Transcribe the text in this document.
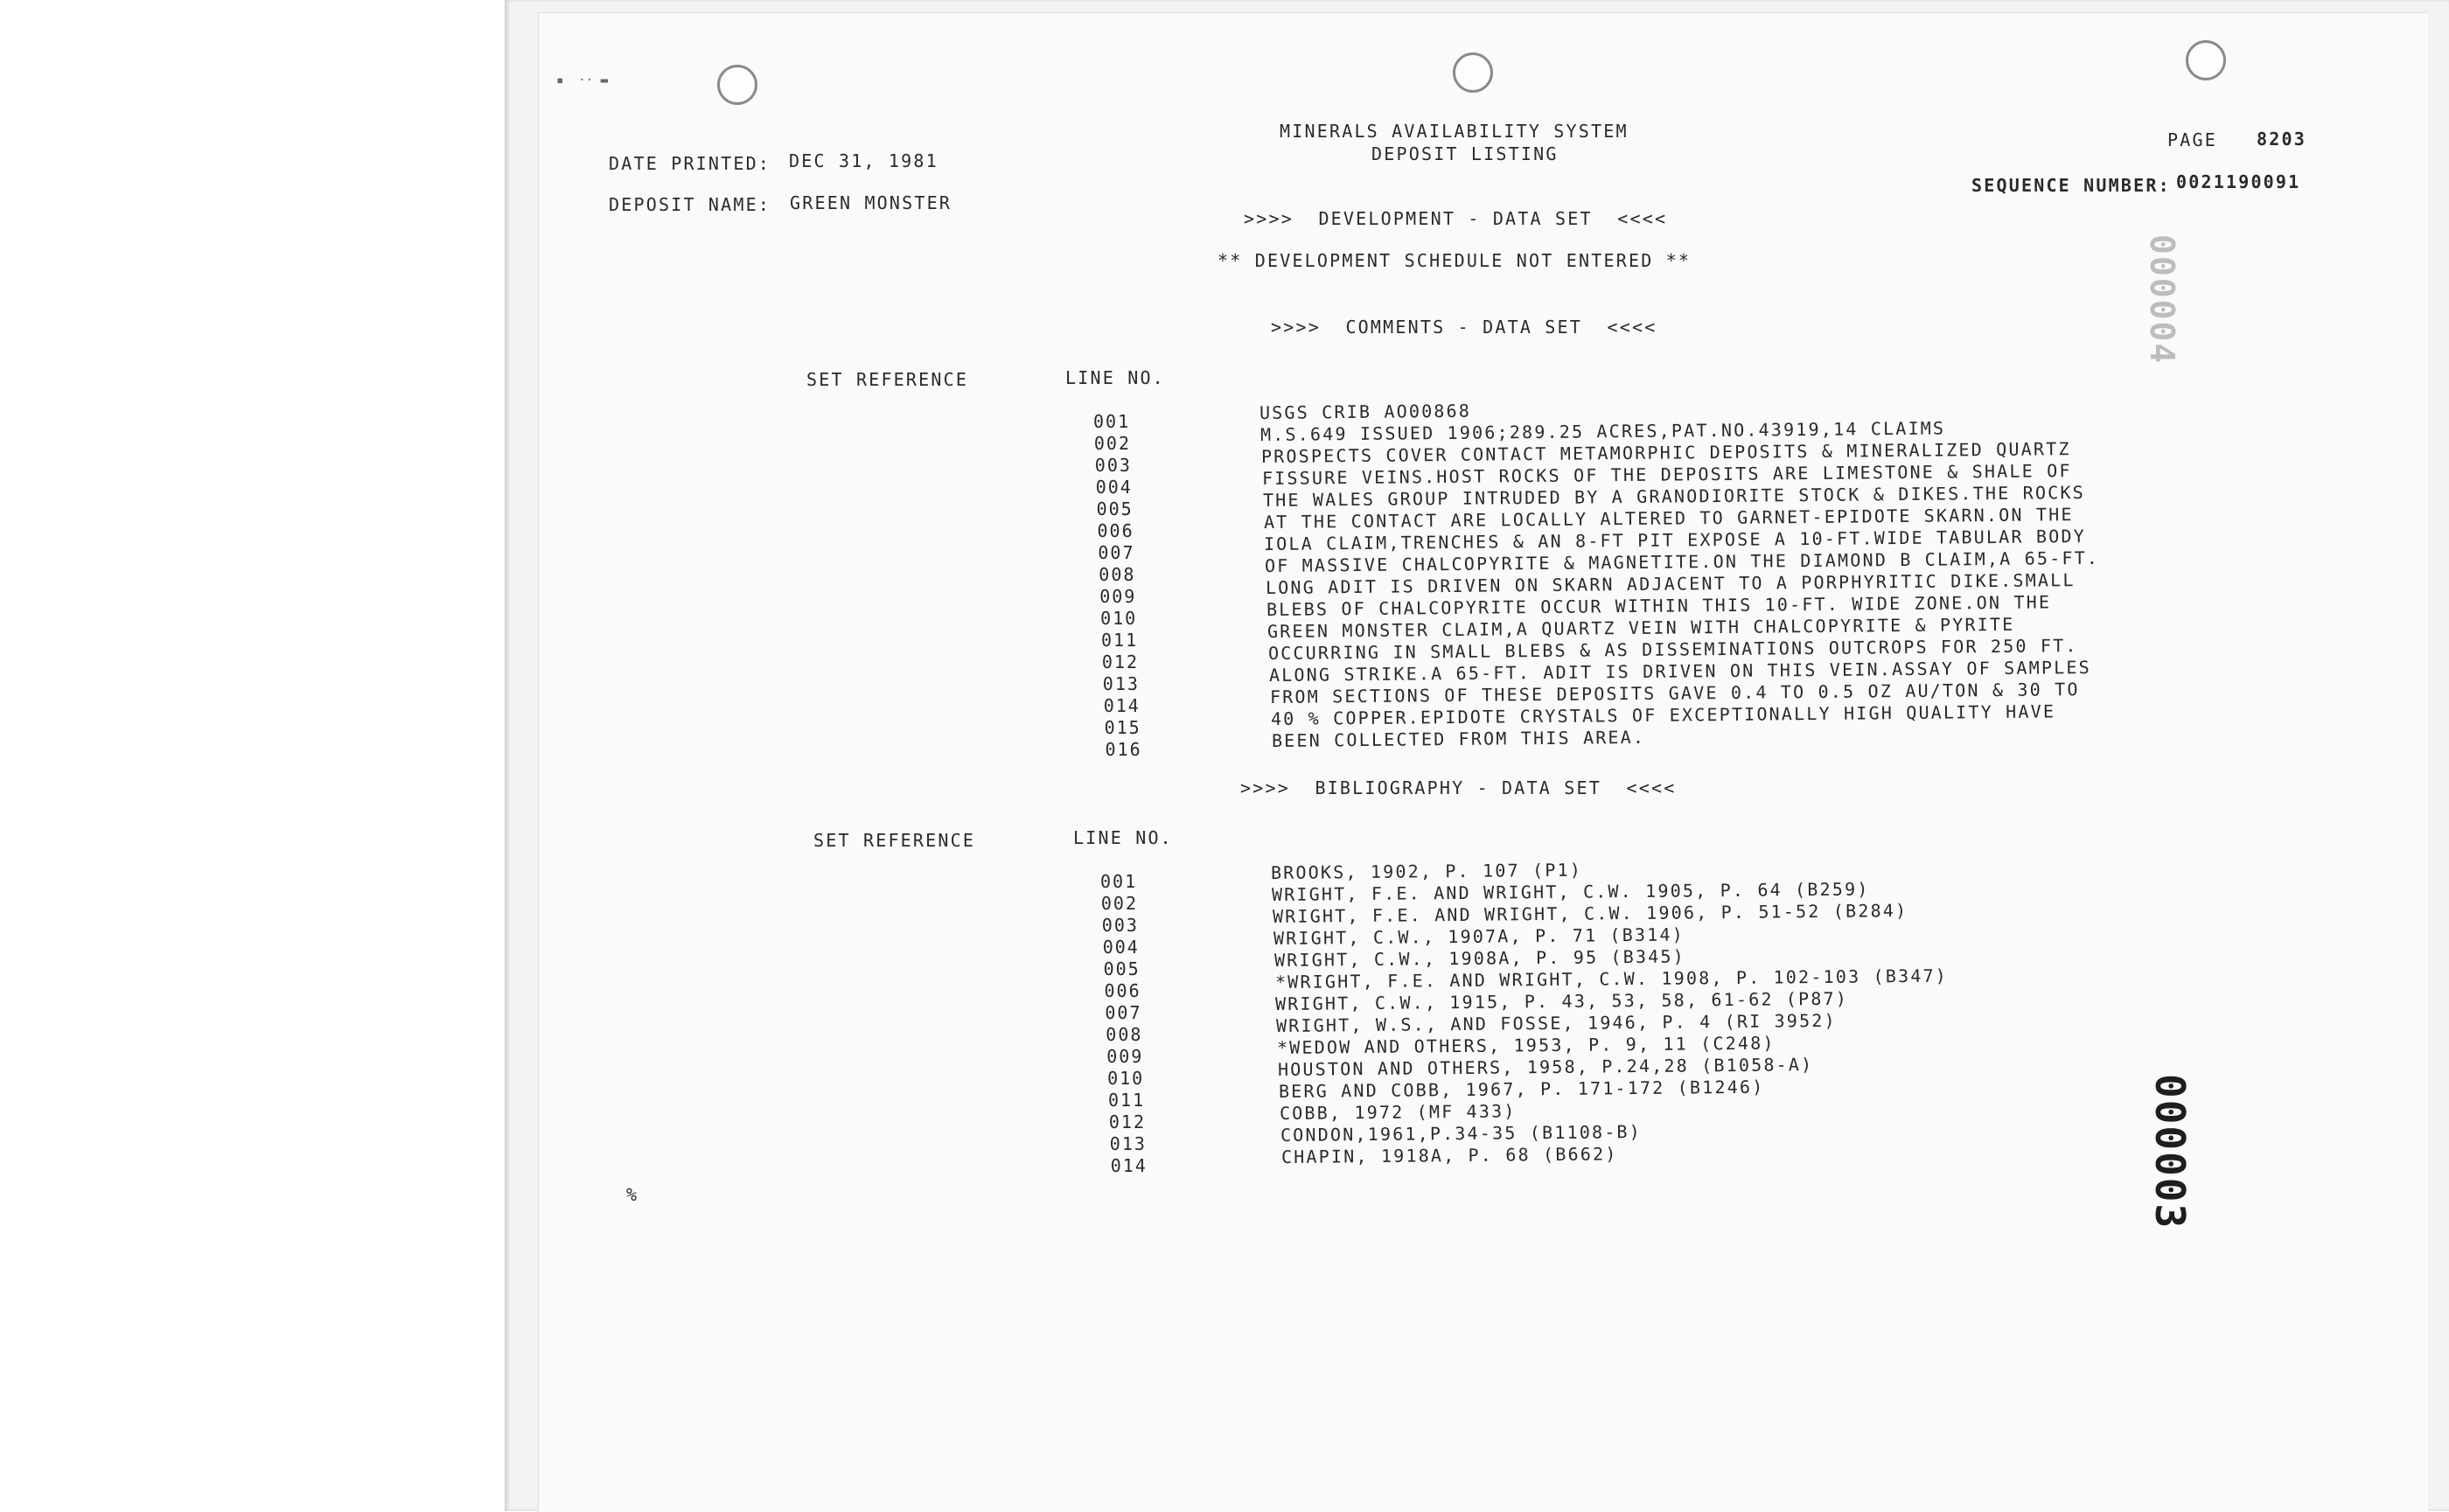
▪  ·· ▬
MINERALS AVAILABILITY SYSTEM
DEPOSIT LISTING
PAGE 8203
DATE PRINTED: DEC 31, 1981
DEPOSIT NAME: GREEN MONSTER
SEQUENCE NUMBER: 0021190091
>>>>  DEVELOPMENT - DATA SET  <<<<
** DEVELOPMENT SCHEDULE NOT ENTERED **
>>>>  COMMENTS - DATA SET  <<<<
SET REFERENCE	LINE NO.
001	USGS CRIB AO00868
002	M.S.649 ISSUED 1906;289.25 ACRES,PAT.NO.43919,14 CLAIMS
003	PROSPECTS COVER CONTACT METAMORPHIC DEPOSITS & MINERALIZED QUARTZ
004	FISSURE VEINS.HOST ROCKS OF THE DEPOSITS ARE LIMESTONE & SHALE OF
005	THE WALES GROUP INTRUDED BY A GRANODIORITE STOCK & DIKES.THE ROCKS
006	AT THE CONTACT ARE LOCALLY ALTERED TO GARNET-EPIDOTE SKARN.ON THE
007	IOLA CLAIM,TRENCHES & AN 8-FT PIT EXPOSE A 10-FT.WIDE TABULAR BODY
008	OF MASSIVE CHALCOPYRITE & MAGNETITE.ON THE DIAMOND B CLAIM,A 65-FT.
009	LONG ADIT IS DRIVEN ON SKARN ADJACENT TO A PORPHYRITIC DIKE.SMALL
010	BLEBS OF CHALCOPYRITE OCCUR WITHIN THIS 10-FT. WIDE ZONE.ON THE
011	GREEN MONSTER CLAIM,A QUARTZ VEIN WITH CHALCOPYRITE & PYRITE
012	OCCURRING IN SMALL BLEBS & AS DISSEMINATIONS OUTCROPS FOR 250 FT.
013	ALONG STRIKE.A 65-FT. ADIT IS DRIVEN ON THIS VEIN.ASSAY OF SAMPLES
014	FROM SECTIONS OF THESE DEPOSITS GAVE 0.4 TO 0.5 OZ AU/TON & 30 TO
015	40 % COPPER.EPIDOTE CRYSTALS OF EXCEPTIONALLY HIGH QUALITY HAVE
016	BEEN COLLECTED FROM THIS AREA.
>>>>  BIBLIOGRAPHY - DATA SET  <<<<
SET REFERENCE	LINE NO.
001	BROOKS, 1902, P. 107 (P1)
002	WRIGHT, F.E. AND WRIGHT, C.W. 1905, P. 64 (B259)
003	WRIGHT, F.E. AND WRIGHT, C.W. 1906, P. 51-52 (B284)
004	WRIGHT, C.W., 1907A, P. 71 (B314)
005	WRIGHT, C.W., 1908A, P. 95 (B345)
006	*WRIGHT, F.E. AND WRIGHT, C.W. 1908, P. 102-103 (B347)
007	WRIGHT, C.W., 1915, P. 43, 53, 58, 61-62 (P87)
008	WRIGHT, W.S., AND FOSSE, 1946, P. 4 (RI 3952)
009	*WEDOW AND OTHERS, 1953, P. 9, 11 (C248)
010	HOUSTON AND OTHERS, 1958, P.24,28 (B1058-A)
011	BERG AND COBB, 1967, P. 171-172 (B1246)
012	COBB, 1972 (MF 433)
013	CONDON,1961,P.34-35 (B1108-B)
014	CHAPIN, 1918A, P. 68 (B662)
%	000003
000004
